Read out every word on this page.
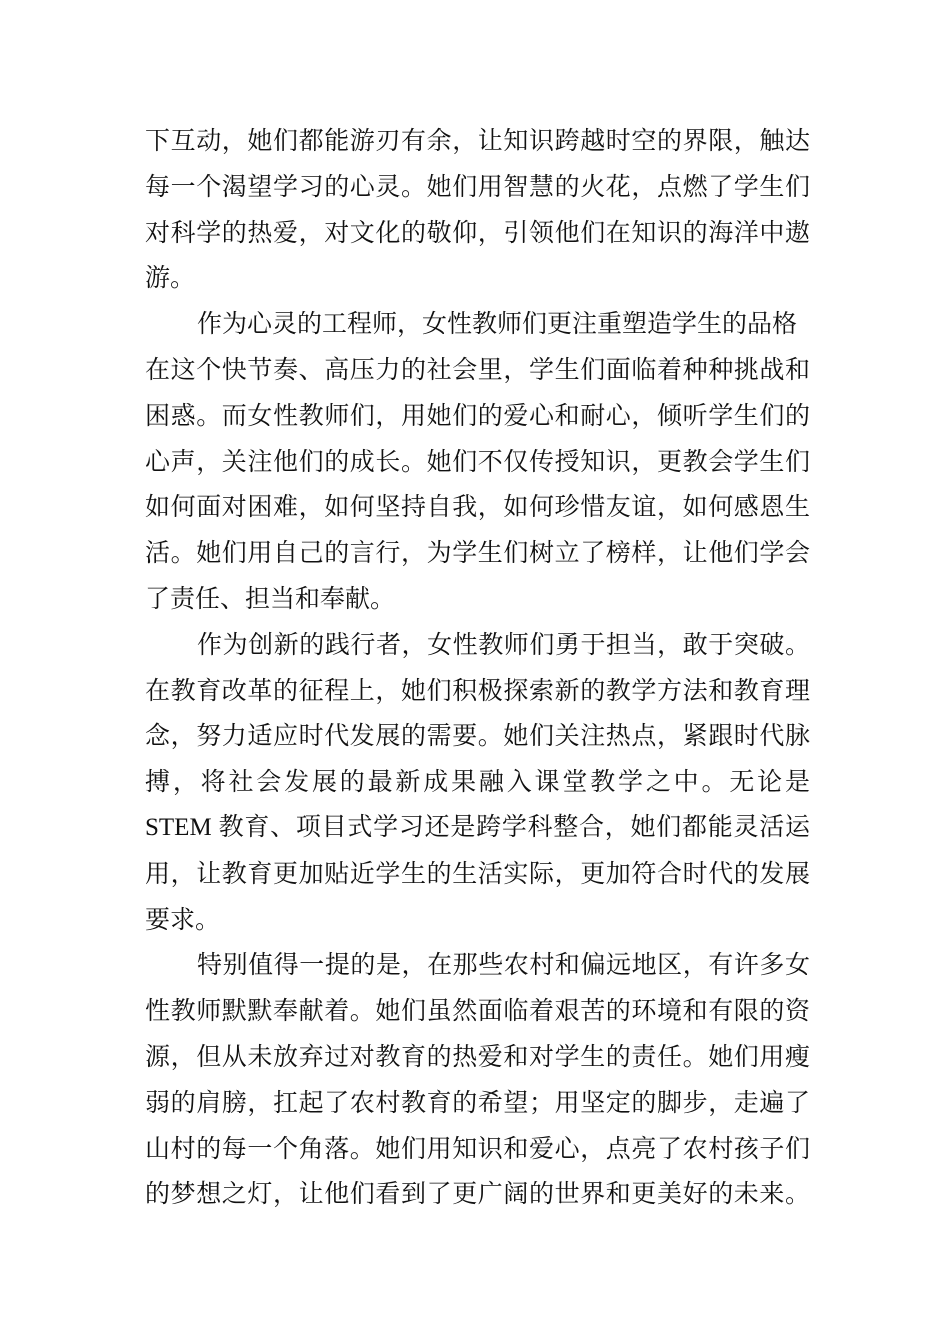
下互动，她们都能游刃有余，让知识跨越时空的界限，触达
每一个渴望学习的心灵。她们用智慧的火花，点燃了学生们
对科学的热爱，对文化的敬仰，引领他们在知识的海洋中遨
游。
作为心灵的工程师，女性教师们更注重塑造学生的品格
在这个快节奏、高压力的社会里，学生们面临着种种挑战和
困惑。而女性教师们，用她们的爱心和耐心，倾听学生们的
心声，关注他们的成长。她们不仅传授知识，更教会学生们
如何面对困难，如何坚持自我，如何珍惜友谊，如何感恩生
活。她们用自己的言行，为学生们树立了榜样，让他们学会
了责任、担当和奉献。
作为创新的践行者，女性教师们勇于担当，敢于突破。
在教育改革的征程上，她们积极探索新的教学方法和教育理
念，努力适应时代发展的需要。她们关注热点，紧跟时代脉
搏，将社会发展的最新成果融入课堂教学之中。无论是
STEM 教育、项目式学习还是跨学科整合，她们都能灵活运
用，让教育更加贴近学生的生活实际，更加符合时代的发展
要求。
特别值得一提的是，在那些农村和偏远地区，有许多女
性教师默默奉献着。她们虽然面临着艰苦的环境和有限的资
源，但从未放弃过对教育的热爱和对学生的责任。她们用瘦
弱的肩膀，扛起了农村教育的希望；用坚定的脚步，走遍了
山村的每一个角落。她们用知识和爱心，点亮了农村孩子们
的梦想之灯，让他们看到了更广阔的世界和更美好的未来。
